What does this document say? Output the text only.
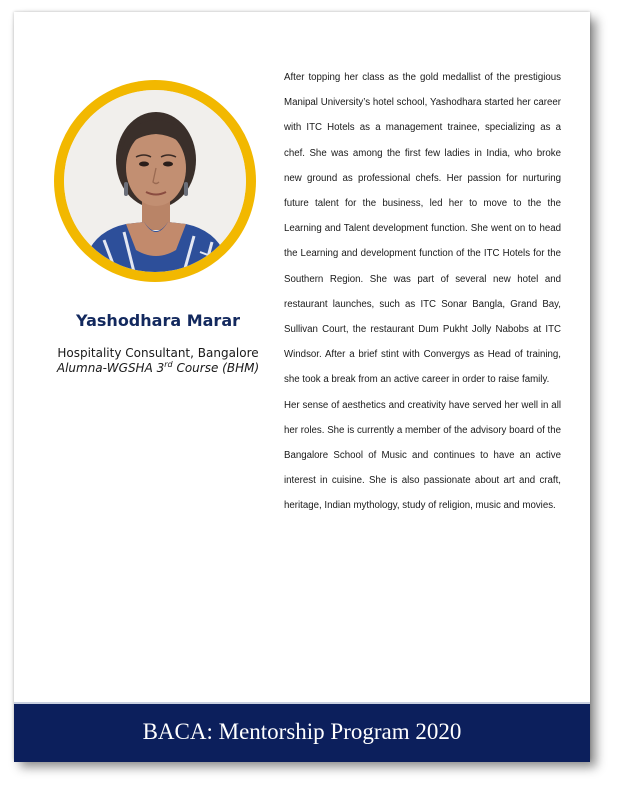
Yashodhara Marar
Hospitality Consultant, Bangalore
Alumna-WGSHA 3rd Course (BHM)

After topping her class as the gold medallist of the prestigious Manipal University’s hotel school, Yashodhara started her career with ITC Hotels as a management trainee, specializing as a chef. She was among the first few ladies in India, who broke new ground as professional chefs. Her passion for nurturing future talent for the business, led her to move to the the Learning and Talent development function. She went on to head the Learning and development function of the ITC Hotels for the Southern Region. She was part of several new hotel and restaurant launches, such as ITC Sonar Bangla, Grand Bay, Sullivan Court, the restaurant Dum Pukht Jolly Nabobs at ITC Windsor. After a brief stint with Convergys as Head of training, she took a break from an active career in order to raise family.

Her sense of aesthetics and creativity have served her well in all her roles. She is currently a member of the advisory board of the Bangalore School of Music and continues to have an active interest in cuisine. She is also passionate about art and craft, heritage, Indian mythology, study of religion, music and movies.

BACA: Mentorship Program 2020
